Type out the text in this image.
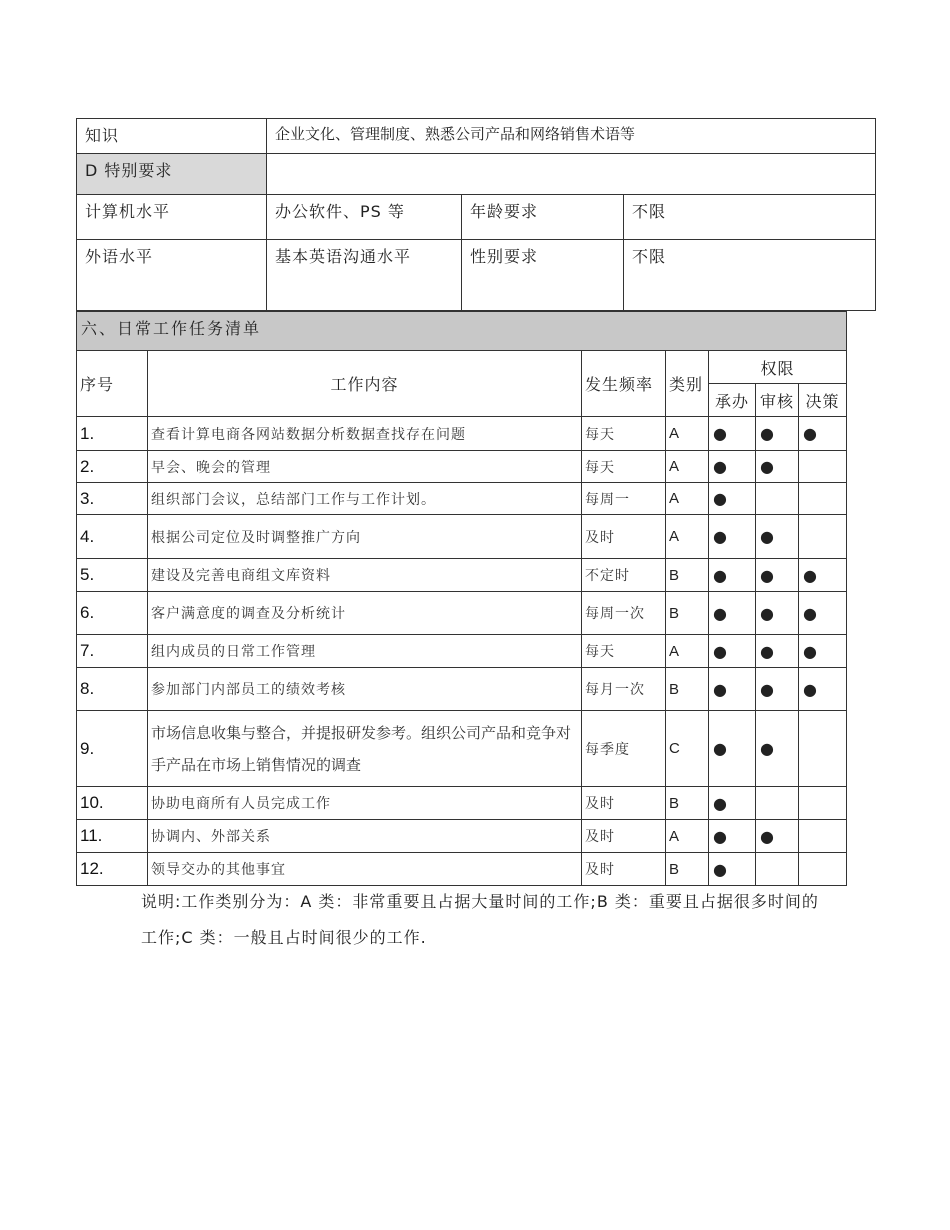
知识	企业文化、管理制度、熟悉公司产品和网络销售术语等		
D 特别要求			
计算机水平	办公软件、PS 等	年龄要求	不限
外语水平	基本英语沟通水平	性别要求	不限
六、日常工作任务清单						
序号	工作内容	发生频率	类别	权限		
				承办	审核	决策
1.	查看计算电商各网站数据分析数据查找存在问题	每天	A	●	●	●
2.	早会、晚会的管理	每天	A	●	●	
3.	组织部门会议，总结部门工作与工作计划。	每周一	A	●		
4.	根据公司定位及时调整推广方向	及时	A	●	●	
5.	建设及完善电商组文库资料	不定时	B	●	●	●
6.	客户满意度的调查及分析统计	每周一次	B	●	●	●
7.	组内成员的日常工作管理	每天	A	●	●	●
8.	参加部门内部员工的绩效考核	每月一次	B	●	●	●
9.	市场信息收集与整合，并提报研发参考。组织公司产品和竞争对手产品在市场上销售情况的调查	每季度	C	●	●	
10.	协助电商所有人员完成工作	及时	B	●		
11.	协调内、外部关系	及时	A	●	●	
12.	领导交办的其他事宜	及时	B	●		
说明:工作类别分为：A 类：非常重要且占据大量时间的工作;B 类：重要且占据很多时间的工作;C 类：一般且占时间很少的工作.
